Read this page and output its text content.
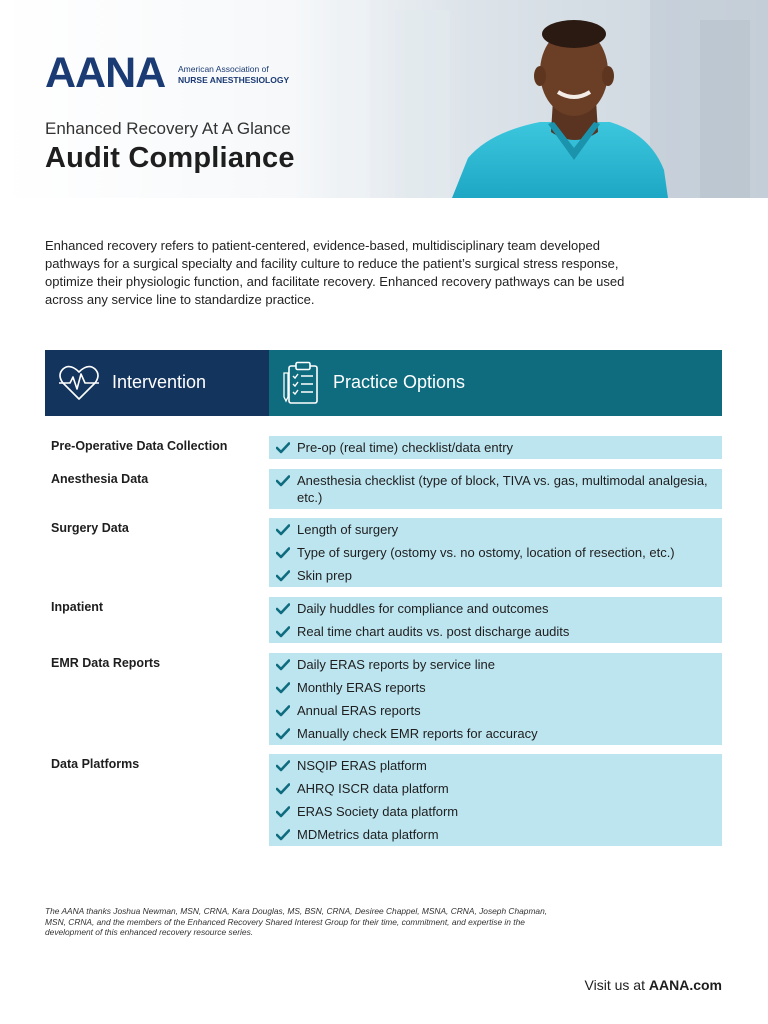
AANA American Association of
NURSE ANESTHESIOLOGY
Enhanced Recovery At A Glance
Audit Compliance
Enhanced recovery refers to patient-centered, evidence-based, multidisciplinary team developed pathways for a surgical specialty and facility culture to reduce the patient’s surgical stress response, optimize their physiologic function, and facilitate recovery. Enhanced recovery pathways can be used across any service line to standardize practice.
Intervention	Practice Options
Pre-Operative Data Collection	Pre-op (real time) checklist/data entry
Anesthesia Data	Anesthesia checklist (type of block, TIVA vs. gas, multimodal analgesia, etc.)
Surgery Data	Length of surgery
Type of surgery (ostomy vs. no ostomy, location of resection, etc.)
Skin prep
Inpatient	Daily huddles for compliance and outcomes
Real time chart audits vs. post discharge audits
EMR Data Reports	Daily ERAS reports by service line
Monthly ERAS reports
Annual ERAS reports
Manually check EMR reports for accuracy
Data Platforms	NSQIP ERAS platform
AHRQ ISCR data platform
ERAS Society data platform
MDMetrics data platform
The AANA thanks Joshua Newman, MSN, CRNA, Kara Douglas, MS, BSN, CRNA, Desiree Chappel, MSNA, CRNA, Joseph Chapman, MSN, CRNA, and the members of the Enhanced Recovery Shared Interest Group for their time, commitment, and expertise in the development of this enhanced recovery resource series.
Visit us at AANA.com
